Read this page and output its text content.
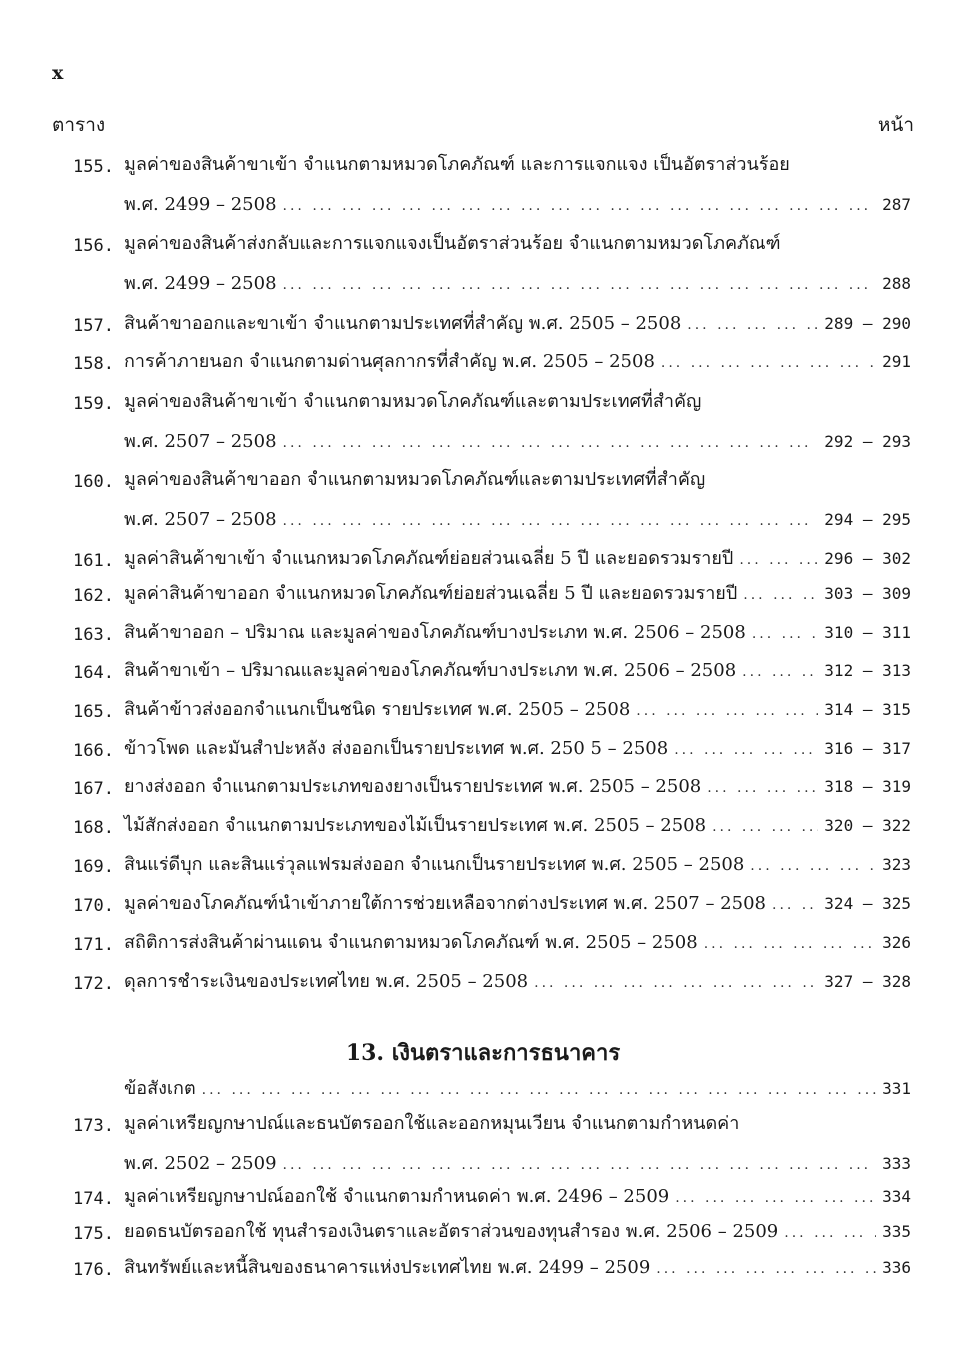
x
ตาราง	หน้า
155. มูลค่าของสินค้าขาเข้า จำแนกตามหมวดโภคภัณฑ์ และการแจกแจง เป็นอัตราส่วนร้อย
พ.ศ. 2499 – 2508 ... .	287
156. มูลค่าของสินค้าส่งกลับและการแจกแจงเป็นอัตราส่วนร้อย จำแนกตามหมวดโภคภัณฑ์
พ.ศ. 2499 – 2508 ... .	288
157. สินค้าขาออกและขาเข้า จำแนกตามประเทศที่สำคัญ พ.ศ. 2505 – 2508 ... .	289 – 290
158. การค้าภายนอก จำแนกตามด่านศุลกากรที่สำคัญ พ.ศ. 2505 – 2508 ... .	291
159. มูลค่าของสินค้าขาเข้า จำแนกตามหมวดโภคภัณฑ์และตามประเทศที่สำคัญ
พ.ศ. 2507 – 2508 ... .	292 – 293
160. มูลค่าของสินค้าขาออก จำแนกตามหมวดโภคภัณฑ์และตามประเทศที่สำคัญ
พ.ศ. 2507 – 2508 ... .	294 – 295
161. มูลค่าสินค้าขาเข้า จำแนกหมวดโภคภัณฑ์ย่อยส่วนเฉลี่ย 5 ปี และยอดรวมรายปี ... .	296 – 302
162. มูลค่าสินค้าขาออก จำแนกหมวดโภคภัณฑ์ย่อยส่วนเฉลี่ย 5 ปี และยอดรวมรายปี ... .	303 – 309
163. สินค้าขาออก – ปริมาณ และมูลค่าของโภคภัณฑ์บางประเภท พ.ศ. 2506 – 2508 ... .	310 – 311
164. สินค้าขาเข้า – ปริมาณและมูลค่าของโภคภัณฑ์บางประเภท พ.ศ. 2506 – 2508 ... .	312 – 313
165. สินค้าข้าวส่งออกจำแนกเป็นชนิด รายประเทศ พ.ศ. 2505 – 2508 ... .	314 – 315
166. ข้าวโพด และมันสำปะหลัง ส่งออกเป็นรายประเทศ พ.ศ. 250 5 – 2508 ... .	316 – 317
167. ยางส่งออก จำแนกตามประเภทของยางเป็นรายประเทศ พ.ศ. 2505 – 2508 ... .	318 – 319
168. ไม้สักส่งออก จำแนกตามประเภทของไม้เป็นรายประเทศ พ.ศ. 2505 – 2508 ... .	320 – 322
169. สินแร่ดีบุก และสินแร่วุลแฟรมส่งออก จำแนกเป็นรายประเทศ พ.ศ. 2505 – 2508 ... .	323
170. มูลค่าของโภคภัณฑ์นำเข้าภายใต้การช่วยเหลือจากต่างประเทศ พ.ศ. 2507 – 2508 ... .	324 – 325
171. สถิติการส่งสินค้าผ่านแดน จำแนกตามหมวดโภคภัณฑ์ พ.ศ. 2505 – 2508 ... .	326
172. ดุลการชำระเงินของประเทศไทย พ.ศ. 2505 – 2508 ... .	327 – 328
13. เงินตราและการธนาคาร
ข้อสังเกต ... .	331
173. มูลค่าเหรียญกษาปณ์และธนบัตรออกใช้และออกหมุนเวียน จำแนกตามกำหนดค่า
พ.ศ. 2502 – 2509 ... .	333
174. มูลค่าเหรียญกษาปณ์ออกใช้ จำแนกตามกำหนดค่า พ.ศ. 2496 – 2509 ... .	334
175. ยอดธนบัตรออกใช้ ทุนสำรองเงินตราและอัตราส่วนของทุนสำรอง พ.ศ. 2506 – 2509 ... .	335
176. สินทรัพย์และหนี้สินของธนาคารแห่งประเทศไทย พ.ศ. 2499 – 2509 ... .	336
